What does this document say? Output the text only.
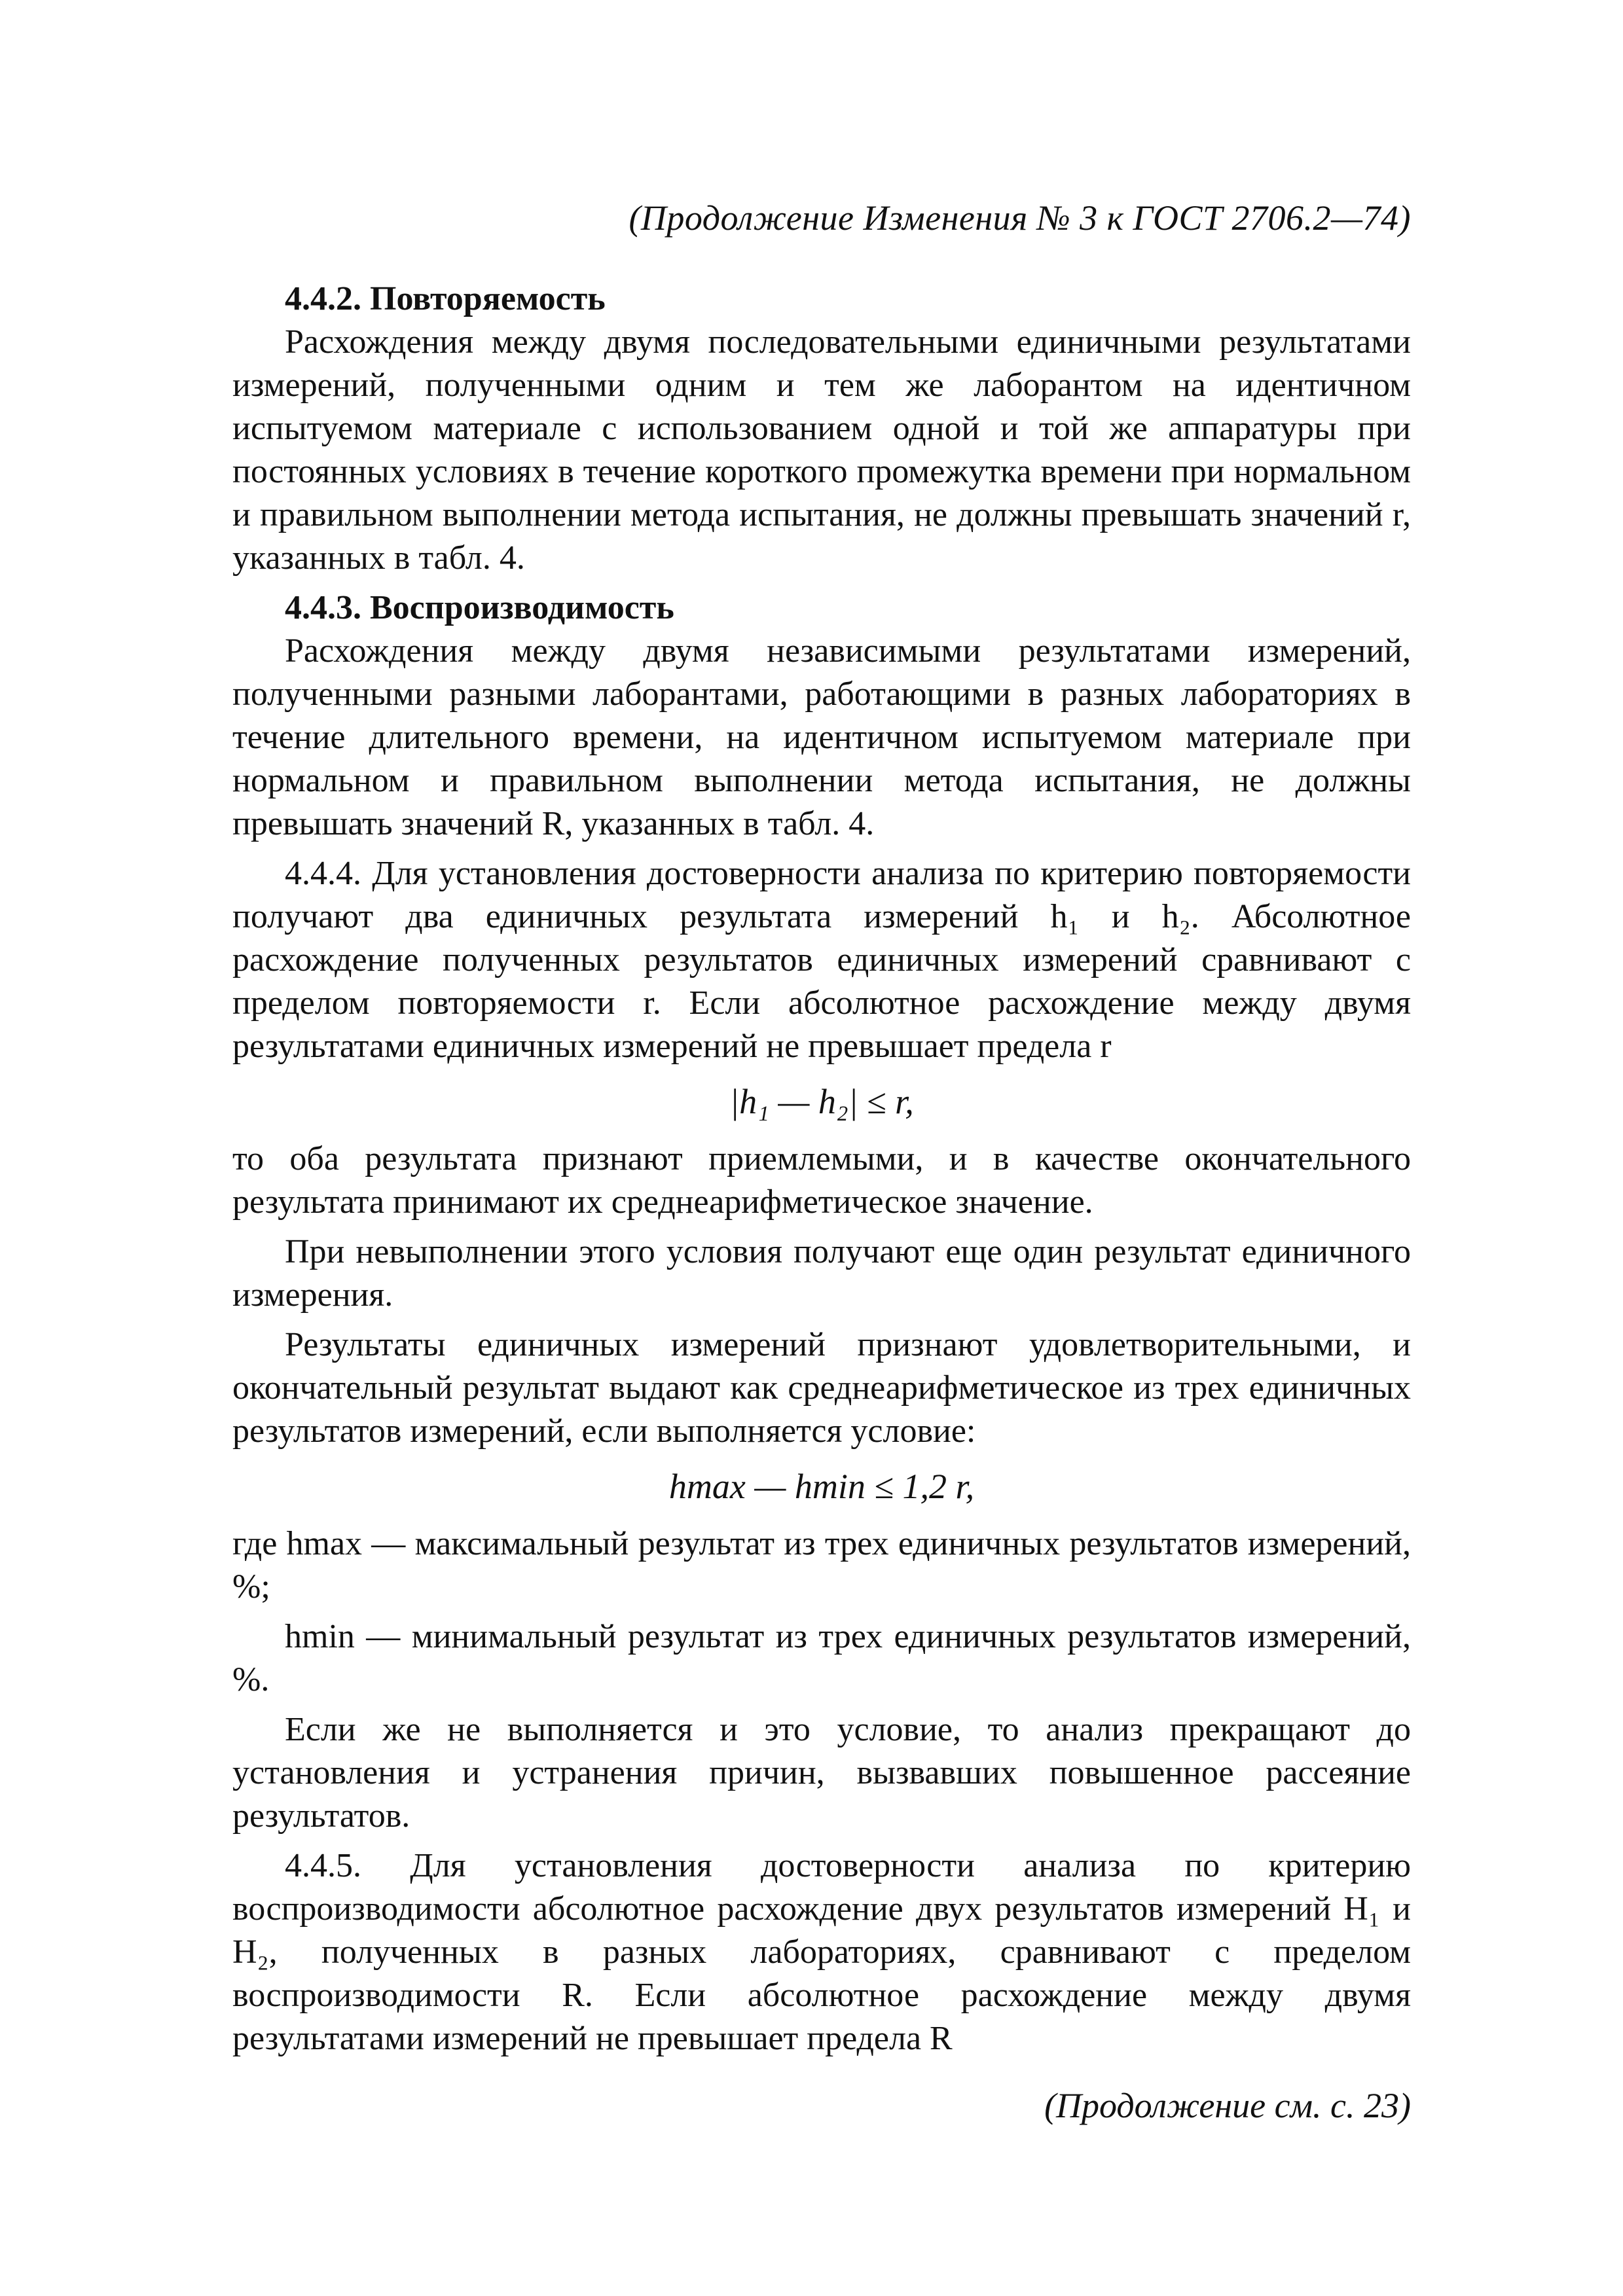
(Продолжение Изменения № 3 к ГОСТ 2706.2—74)

4.4.2. Повторяемость

Расхождения между двумя последовательными единичными результатами измерений, полученными одним и тем же лаборантом на идентичном испытуемом материале с использованием одной и той же аппаратуры при постоянных условиях в течение короткого промежутка времени при нормальном и правильном выполнении метода испытания, не должны превышать значений r, указанных в табл. 4.

4.4.3. Воспроизводимость

Расхождения между двумя независимыми результатами измерений, полученными разными лаборантами, работающими в разных лабораториях в течение длительного времени, на идентичном испытуемом материале при нормальном и правильном выполнении метода испытания, не должны превышать значений R, указанных в табл. 4.

4.4.4. Для установления достоверности анализа по критерию повторяемости получают два единичных результата измерений h₁ и h₂. Абсолютное расхождение полученных результатов единичных измерений сравнивают с пределом повторяемости r. Если абсолютное расхождение между двумя результатами единичных измерений не превышает предела r

|h₁ — h₂| ≤ r,

то оба результата признают приемлемыми, и в качестве окончательного результата принимают их среднеарифметическое значение.

При невыполнении этого условия получают еще один результат единичного измерения.

Результаты единичных измерений признают удовлетворительными, и окончательный результат выдают как среднеарифметическое из трех единичных результатов измерений, если выполняется условие:

hmax — hmin ≤ 1,2 r,

где hmax — максимальный результат из трех единичных результатов измерений, %;

hmin — минимальный результат из трех единичных результатов измерений, %.

Если же не выполняется и это условие, то анализ прекращают до установления и устранения причин, вызвавших повышенное рассеяние результатов.

4.4.5. Для установления достоверности анализа по критерию воспроизводимости абсолютное расхождение двух результатов измерений H₁ и H₂, полученных в разных лабораториях, сравнивают с пределом воспроизводимости R. Если абсолютное расхождение между двумя результатами измерений не превышает предела R

(Продолжение см. с. 23)
